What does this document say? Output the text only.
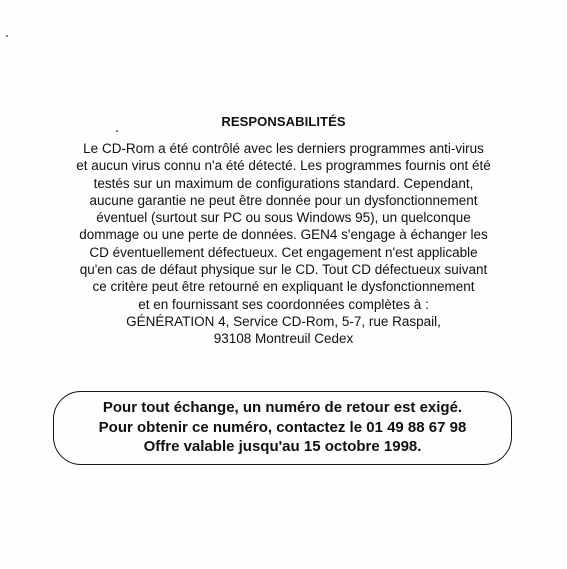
RESPONSABILITÉS
Le CD-Rom a été contrôlé avec les derniers programmes anti-virus
et aucun virus connu n'a été détecté. Les programmes fournis ont été
testés sur un maximum de configurations standard. Cependant,
aucune garantie ne peut être donnée pour un dysfonctionnement
éventuel (surtout sur PC ou sous Windows 95), un quelconque
dommage ou une perte de données. GEN4 s'engage à échanger les
CD éventuellement défectueux. Cet engagement n'est applicable
qu'en cas de défaut physique sur le CD. Tout CD défectueux suivant
ce critère peut être retourné en expliquant le dysfonctionnement
et en fournissant ses coordonnées complètes à :
GÉNÉRATION 4, Service CD-Rom, 5-7, rue Raspail,
93108 Montreuil Cedex
Pour tout échange, un numéro de retour est exigé.
Pour obtenir ce numéro, contactez le 01 49 88 67 98
Offre valable jusqu'au 15 octobre 1998.
